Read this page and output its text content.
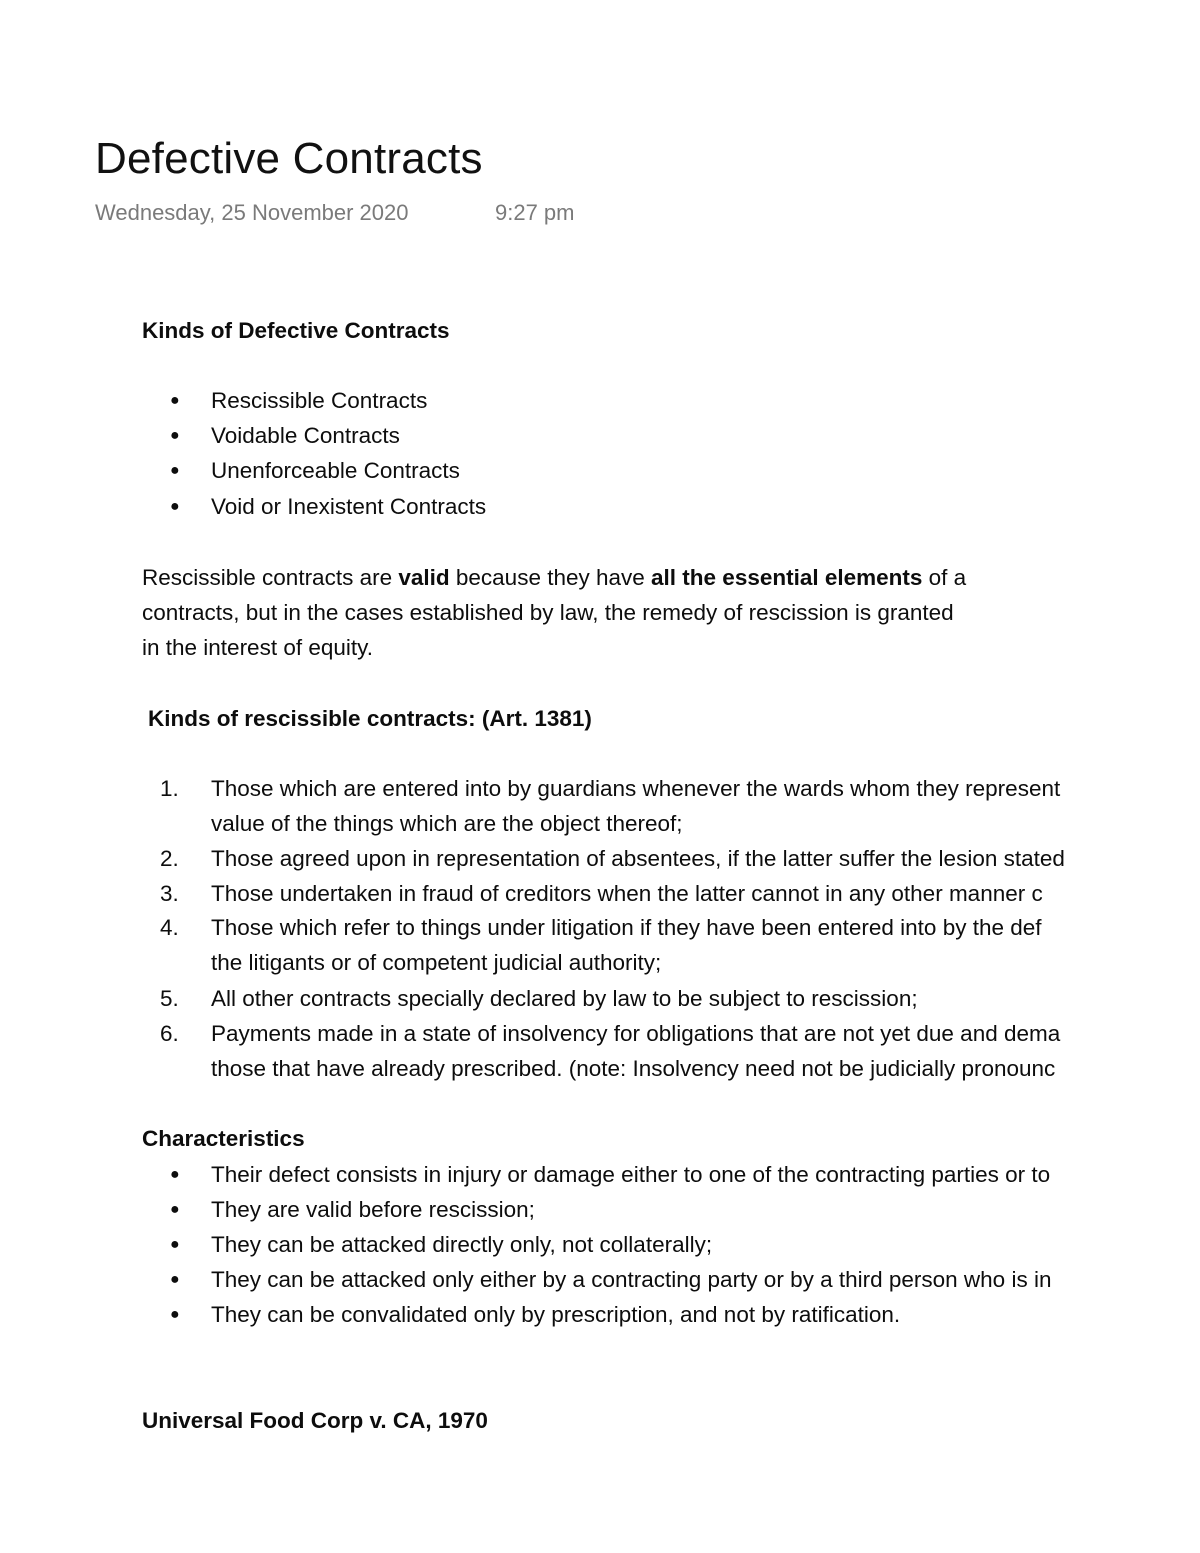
Defective Contracts
Wednesday, 25 November 2020	9:27 pm
Kinds of Defective Contracts
● Rescissible Contracts
● Voidable Contracts
● Unenforceable Contracts
● Void or Inexistent Contracts
Rescissible contracts are valid because they have all the essential elements of a
contracts, but in the cases established by law, the remedy of rescission is granted
in the interest of equity.
Kinds of rescissible contracts: (Art. 1381)
1. Those which are entered into by guardians whenever the wards whom they represent
value of the things which are the object thereof;
2. Those agreed upon in representation of absentees, if the latter suffer the lesion stated
3. Those undertaken in fraud of creditors when the latter cannot in any other manner c
4. Those which refer to things under litigation if they have been entered into by the def
the litigants or of competent judicial authority;
5. All other contracts specially declared by law to be subject to rescission;
6. Payments made in a state of insolvency for obligations that are not yet due and dema
those that have already prescribed. (note: Insolvency need not be judicially pronounc
Characteristics
● Their defect consists in injury or damage either to one of the contracting parties or to
● They are valid before rescission;
● They can be attacked directly only, not collaterally;
● They can be attacked only either by a contracting party or by a third person who is in
● They can be convalidated only by prescription, and not by ratification.
Universal Food Corp v. CA, 1970
